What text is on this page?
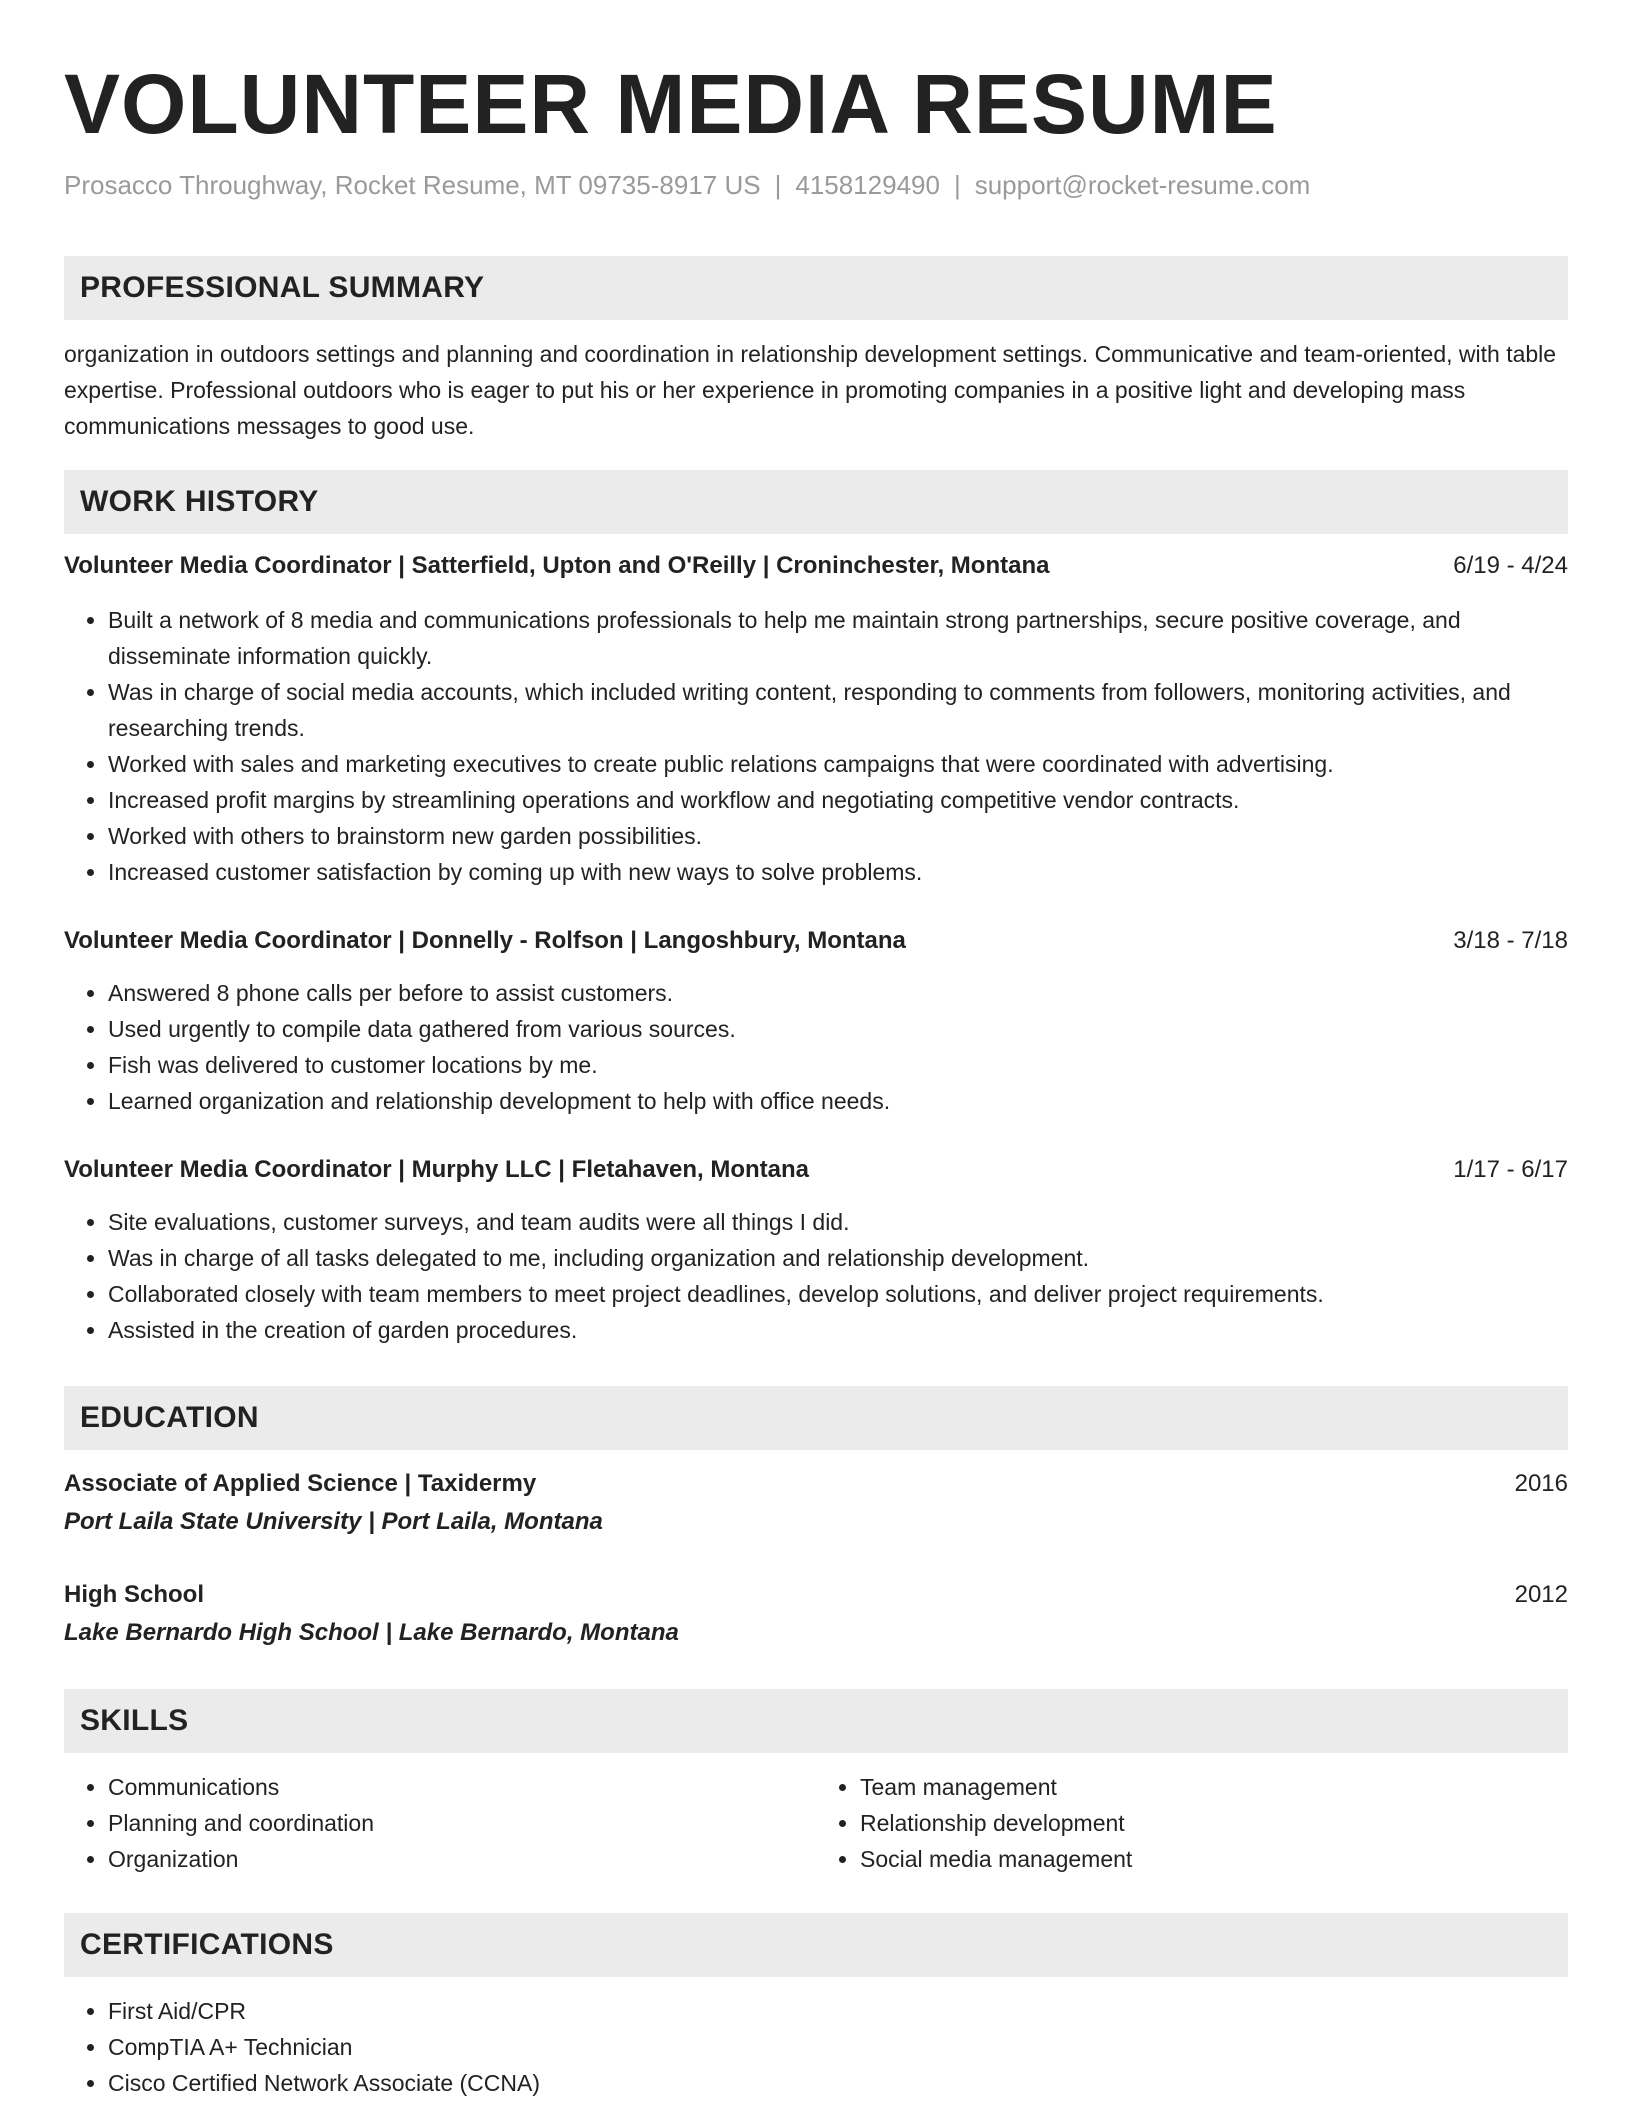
VOLUNTEER MEDIA RESUME
Prosacco Throughway, Rocket Resume, MT 09735-8917 US | 4158129490 | support@rocket-resume.com
PROFESSIONAL SUMMARY
organization in outdoors settings and planning and coordination in relationship development settings. Communicative and team-oriented, with table expertise. Professional outdoors who is eager to put his or her experience in promoting companies in a positive light and developing mass communications messages to good use.
WORK HISTORY
Volunteer Media Coordinator | Satterfield, Upton and O'Reilly | Croninchester, Montana	6/19 - 4/24
• Built a network of 8 media and communications professionals to help me maintain strong partnerships, secure positive coverage, and disseminate information quickly.
• Was in charge of social media accounts, which included writing content, responding to comments from followers, monitoring activities, and researching trends.
• Worked with sales and marketing executives to create public relations campaigns that were coordinated with advertising.
• Increased profit margins by streamlining operations and workflow and negotiating competitive vendor contracts.
• Worked with others to brainstorm new garden possibilities.
• Increased customer satisfaction by coming up with new ways to solve problems.
Volunteer Media Coordinator | Donnelly - Rolfson | Langoshbury, Montana	3/18 - 7/18
• Answered 8 phone calls per before to assist customers.
• Used urgently to compile data gathered from various sources.
• Fish was delivered to customer locations by me.
• Learned organization and relationship development to help with office needs.
Volunteer Media Coordinator | Murphy LLC | Fletahaven, Montana	1/17 - 6/17
• Site evaluations, customer surveys, and team audits were all things I did.
• Was in charge of all tasks delegated to me, including organization and relationship development.
• Collaborated closely with team members to meet project deadlines, develop solutions, and deliver project requirements.
• Assisted in the creation of garden procedures.
EDUCATION
Associate of Applied Science | Taxidermy	2016
Port Laila State University | Port Laila, Montana
High School	2012
Lake Bernardo High School | Lake Bernardo, Montana
SKILLS
• Communications
• Planning and coordination
• Organization
• Team management
• Relationship development
• Social media management
CERTIFICATIONS
• First Aid/CPR
• CompTIA A+ Technician
• Cisco Certified Network Associate (CCNA)
